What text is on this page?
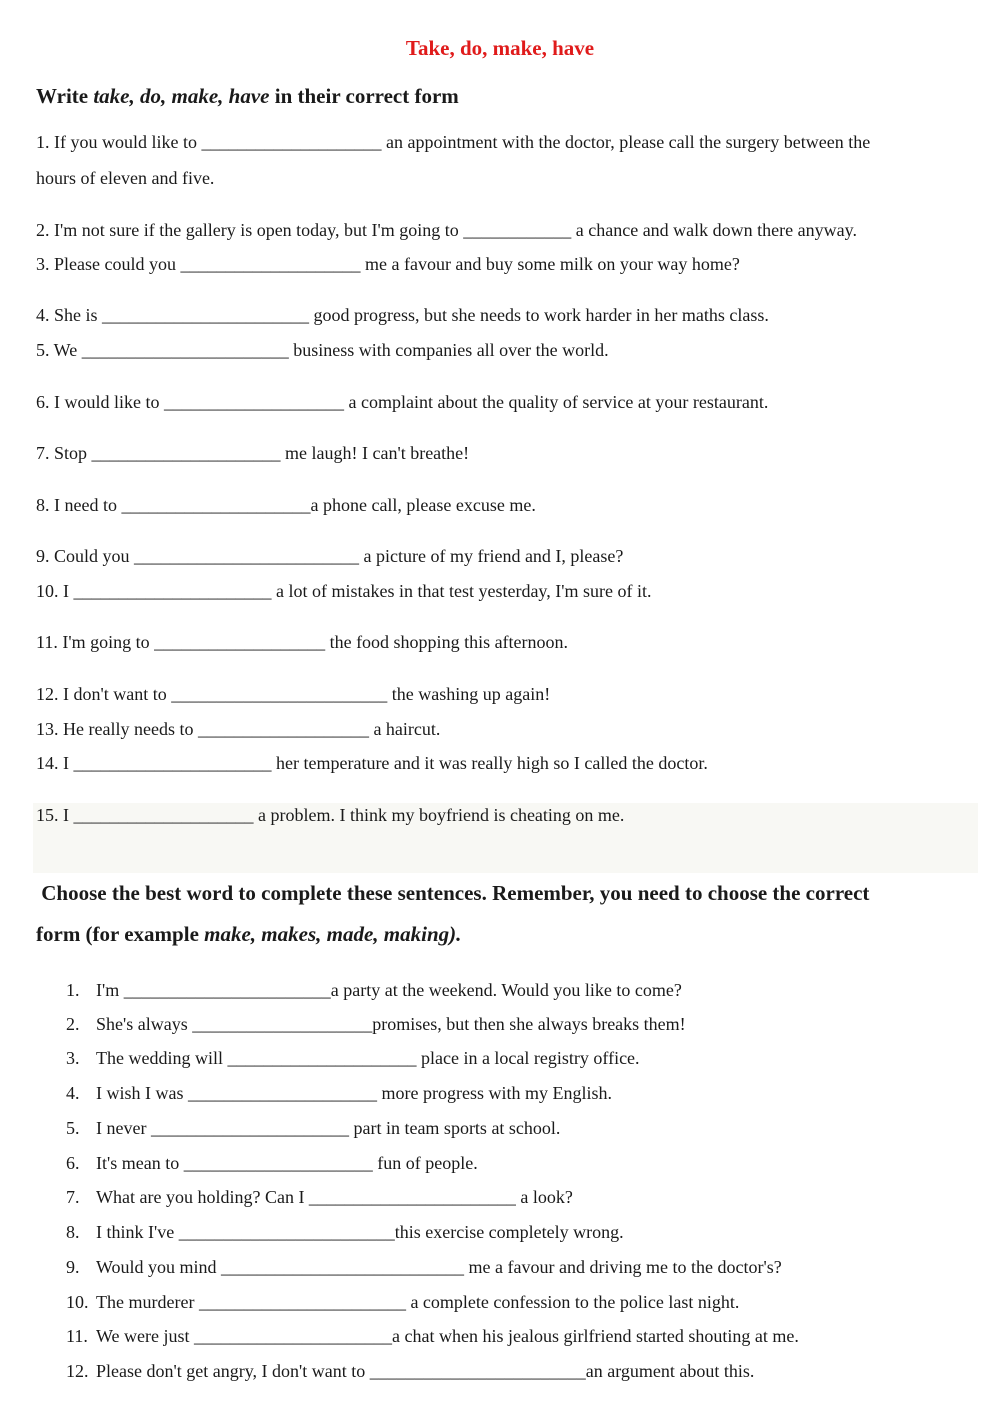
Take, do, make, have
Write take, do, make, have in their correct form
1. If you would like to ____________________ an appointment with the doctor, please call the surgery between the
hours of eleven and five.
2. I'm not sure if the gallery is open today, but I'm going to ____________ a chance and walk down there anyway.
3. Please could you ____________________ me a favour and buy some milk on your way home?
4. She is _______________________ good progress, but she needs to work harder in her maths class.
5. We _______________________ business with companies all over the world.
6. I would like to ____________________ a complaint about the quality of service at your restaurant.
7. Stop _____________________ me laugh! I can't breathe!
8. I need to _____________________a phone call, please excuse me.
9. Could you _________________________ a picture of my friend and I, please?
10. I ______________________ a lot of mistakes in that test yesterday, I'm sure of it.
11. I'm going to ___________________ the food shopping this afternoon.
12. I don't want to ________________________ the washing up again!
13. He really needs to ___________________ a haircut.
14. I ______________________ her temperature and it was really high so I called the doctor.
15. I ____________________ a problem. I think my boyfriend is cheating on me.
Choose the best word to complete these sentences. Remember, you need to choose the correct
form (for example make, makes, made, making).
1. I'm _______________________a party at the weekend. Would you like to come?
2. She's always ____________________promises, but then she always breaks them!
3. The wedding will _____________________ place in a local registry office.
4. I wish I was _____________________ more progress with my English.
5. I never ______________________ part in team sports at school.
6. It's mean to _____________________ fun of people.
7. What are you holding? Can I _______________________ a look?
8. I think I've ________________________this exercise completely wrong.
9. Would you mind ___________________________ me a favour and driving me to the doctor's?
10. The murderer _______________________ a complete confession to the police last night.
11. We were just ______________________a chat when his jealous girlfriend started shouting at me.
12. Please don't get angry, I don't want to ________________________an argument about this.
